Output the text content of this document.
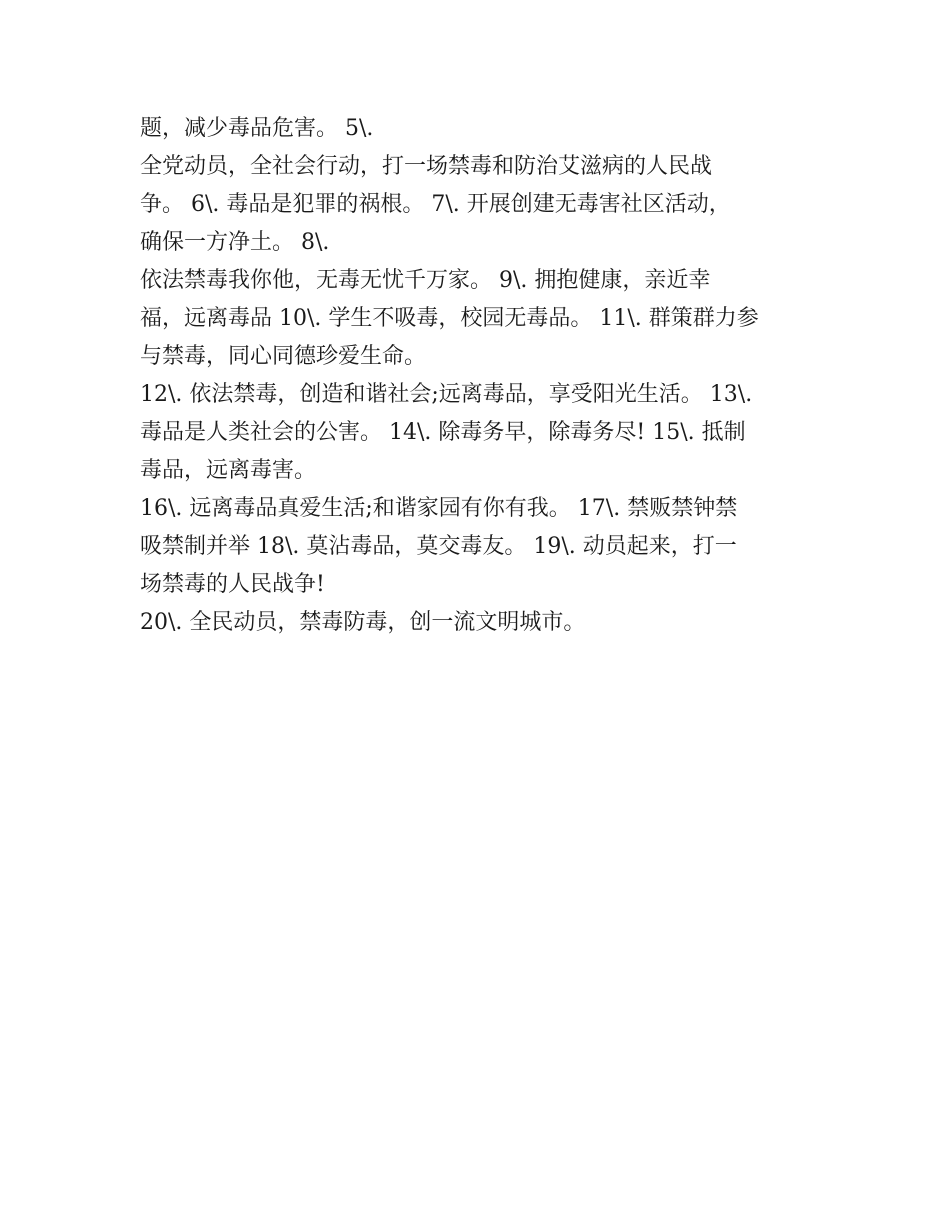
题，减少毒品危害。 5\.
全党动员，全社会行动，打一场禁毒和防治艾滋病的人民战
争。 6\. 毒品是犯罪的祸根。 7\. 开展创建无毒害社区活动，
确保一方净土。 8\.
依法禁毒我你他，无毒无忧千万家。 9\. 拥抱健康，亲近幸
福，远离毒品 10\. 学生不吸毒，校园无毒品。 11\. 群策群力参
与禁毒，同心同德珍爱生命。
12\. 依法禁毒，创造和谐社会;远离毒品，享受阳光生活。 13\.
毒品是人类社会的公害。 14\. 除毒务早，除毒务尽! 15\. 抵制
毒品，远离毒害。
16\. 远离毒品真爱生活;和谐家园有你有我。 17\. 禁贩禁钟禁
吸禁制并举 18\. 莫沾毒品，莫交毒友。 19\. 动员起来，打一
场禁毒的人民战争!
20\. 全民动员，禁毒防毒，创一流文明城市。
